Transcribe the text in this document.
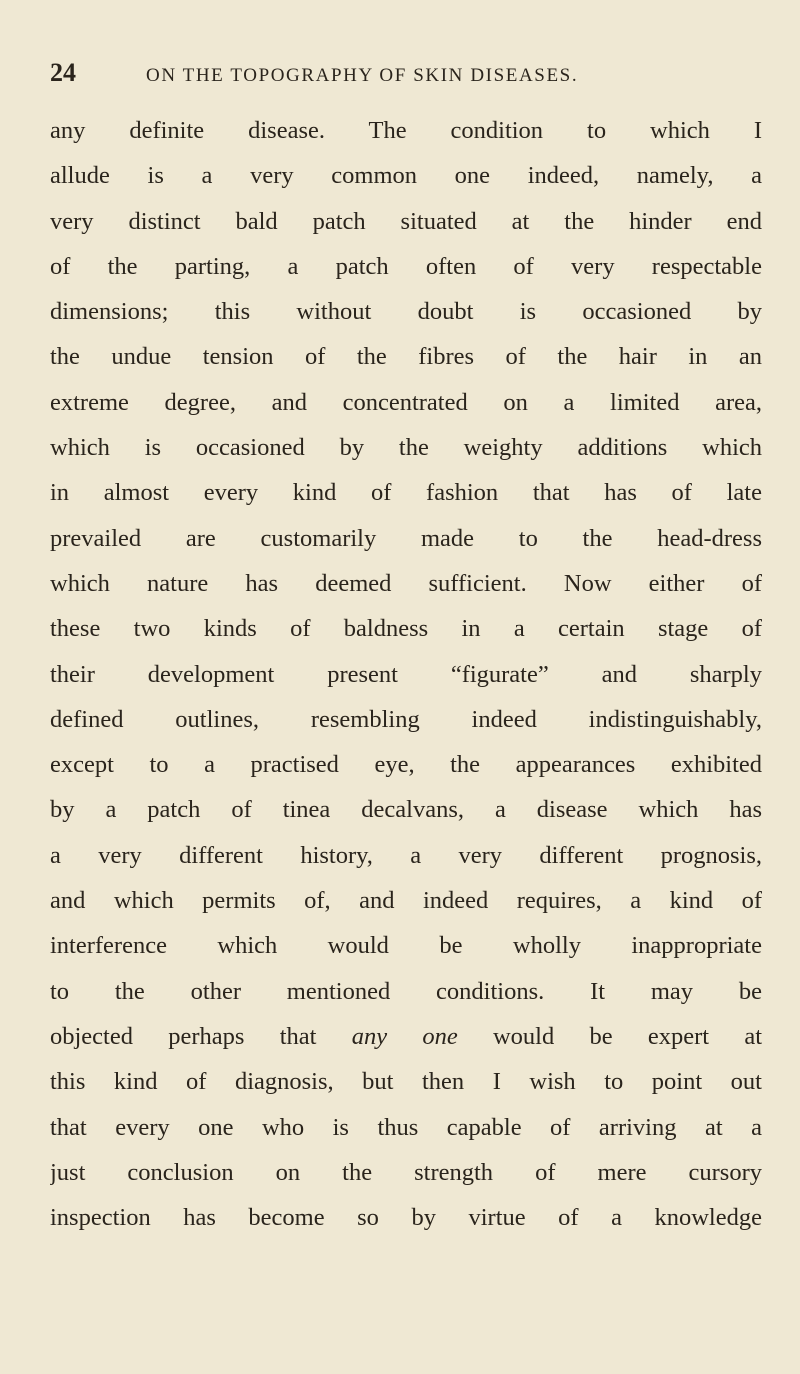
24	ON THE TOPOGRAPHY OF SKIN DISEASES.
any definite disease. The condition to which I
allude is a very common one indeed, namely, a
very distinct bald patch situated at the hinder end
of the parting, a patch often of very respectable
dimensions; this without doubt is occasioned by
the undue tension of the fibres of the hair in an
extreme degree, and concentrated on a limited area,
which is occasioned by the weighty additions which
in almost every kind of fashion that has of late
prevailed are customarily made to the head-dress
which nature has deemed sufficient. Now either of
these two kinds of baldness in a certain stage of
their development present “figurate” and sharply
defined outlines, resembling indeed indistinguishably,
except to a practised eye, the appearances exhibited
by a patch of tinea decalvans, a disease which has
a very different history, a very different prognosis,
and which permits of, and indeed requires, a kind of
interference which would be wholly inappropriate
to the other mentioned conditions. It may be
objected perhaps that any one would be expert at
this kind of diagnosis, but then I wish to point out
that every one who is thus capable of arriving at a
just conclusion on the strength of mere cursory
inspection has become so by virtue of a knowledge
